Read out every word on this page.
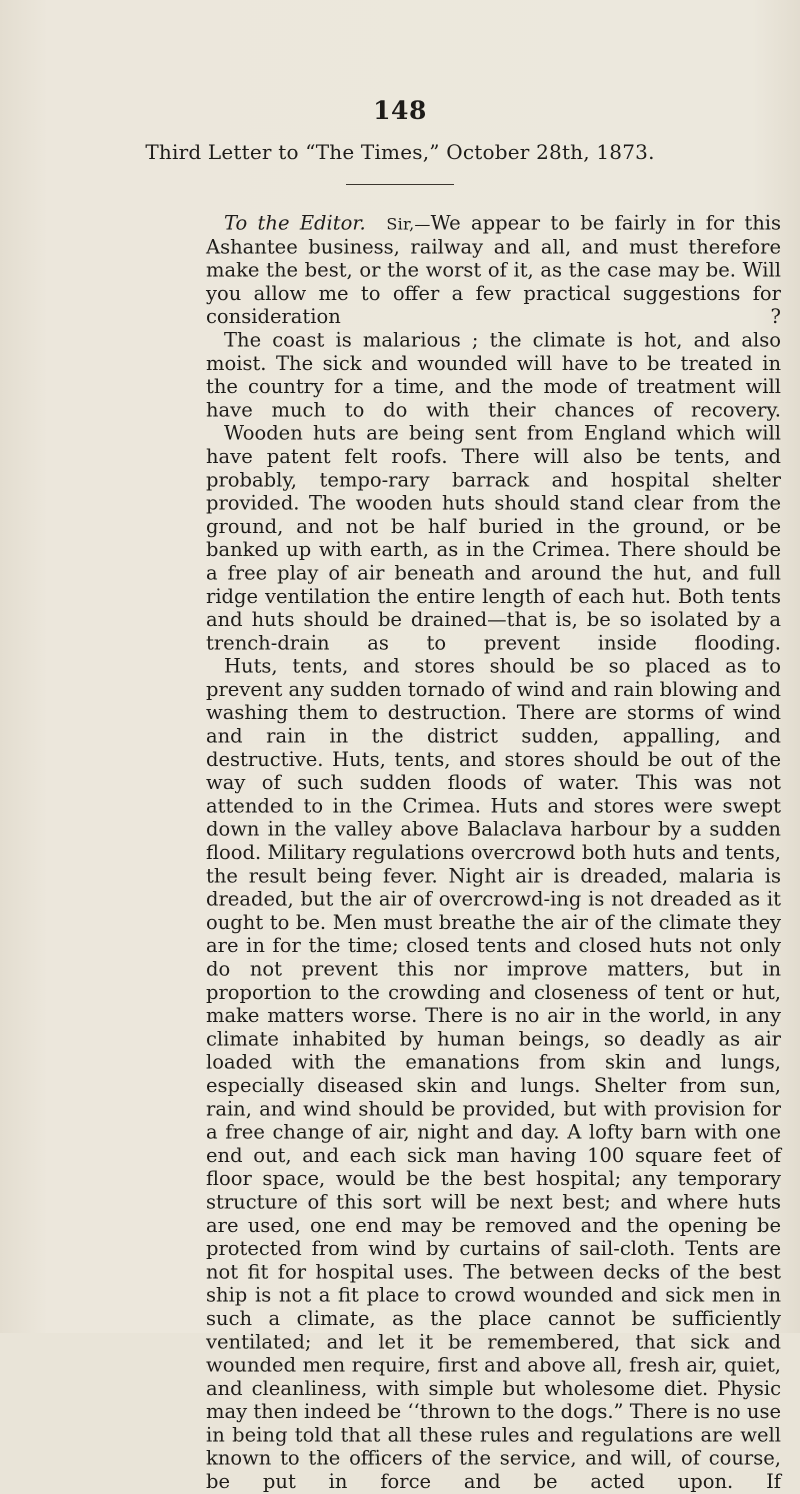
148
Third Letter to “The Times,” October 28th, 1873.

To the Editor. Sir,—We appear to be fairly in for this Ashantee business, railway and all, and must therefore make the best, or the worst of it, as the case may be. Will you allow me to offer a few practical suggestions for consideration ?

The coast is malarious ; the climate is hot, and also moist. The sick and wounded will have to be treated in the country for a time, and the mode of treatment will have much to do with their chances of recovery.

Wooden huts are being sent from England which will have patent felt roofs. There will also be tents, and probably, tempo-rary barrack and hospital shelter provided. The wooden huts should stand clear from the ground, and not be half buried in the ground, or be banked up with earth, as in the Crimea. There should be a free play of air beneath and around the hut, and full ridge ventilation the entire length of each hut. Both tents and huts should be drained—that is, be so isolated by a trench-drain as to prevent inside flooding.

Huts, tents, and stores should be so placed as to prevent any sudden tornado of wind and rain blowing and washing them to destruction. There are storms of wind and rain in the district sudden, appalling, and destructive. Huts, tents, and stores should be out of the way of such sudden floods of water. This was not attended to in the Crimea. Huts and stores were swept down in the valley above Balaclava harbour by a sudden flood. Military regulations overcrowd both huts and tents, the result being fever. Night air is dreaded, malaria is dreaded, but the air of overcrowd-ing is not dreaded as it ought to be. Men must breathe the air of the climate they are in for the time; closed tents and closed huts not only do not prevent this nor improve matters, but in proportion to the crowding and closeness of tent or hut, make matters worse. There is no air in the world, in any climate inhabited by human beings, so deadly as air loaded with the emanations from skin and lungs, especially diseased skin and lungs. Shelter from sun, rain, and wind should be provided, but with provision for a free change of air, night and day. A lofty barn with one end out, and each sick man having 100 square feet of floor space, would be the best hospital; any temporary structure of this sort will be next best; and where huts are used, one end may be removed and the opening be protected from wind by curtains of sail-cloth. Tents are not fit for hospital uses. The between decks of the best ship is not a fit place to crowd wounded and sick men in such a climate, as the place cannot be sufficiently ventilated; and let it be remembered, that sick and wounded men require, first and above all, fresh air, quiet, and cleanliness, with simple but wholesome diet. Physic may then indeed be ‘‘thrown to the dogs.” There is no use in being told that all these rules and regulations are well known to the officers of the service, and will, of course, be put in force and be acted upon. If
